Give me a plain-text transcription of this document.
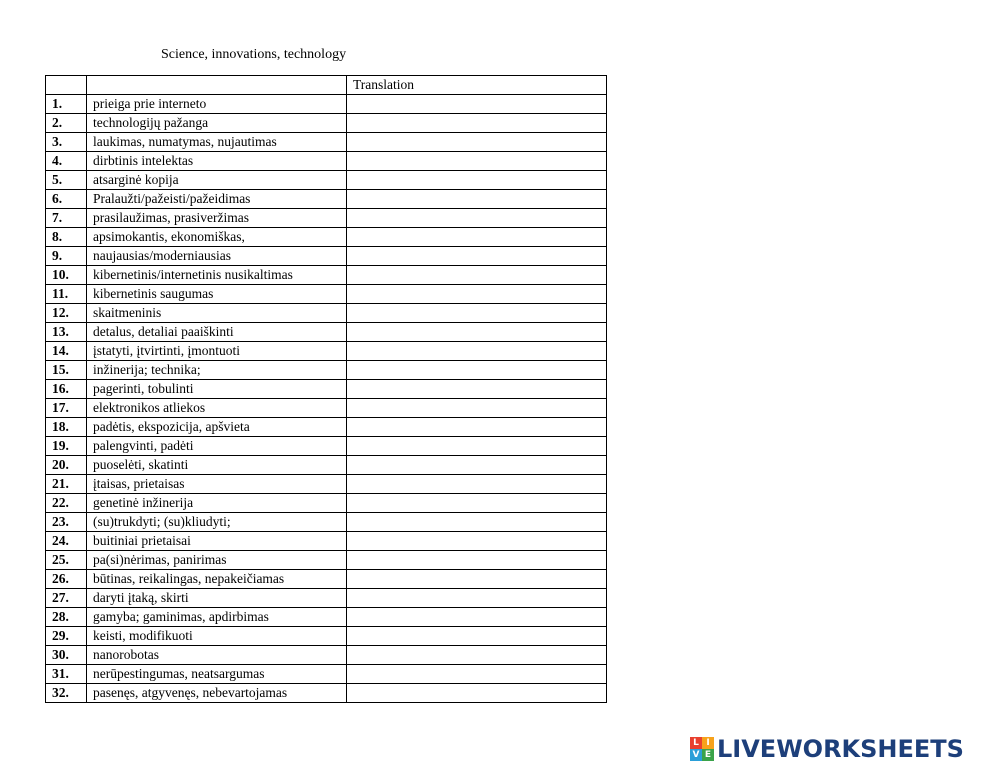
Science, innovations, technology
		Translation
1.	prieiga prie interneto	
2.	technologijų pažanga	
3.	laukimas, numatymas, nujautimas	
4.	dirbtinis intelektas	
5.	atsarginė kopija	
6.	Pralaužti/pažeisti/pažeidimas	
7.	prasilaužimas, prasiveržimas	
8.	apsimokantis, ekonomiškas,	
9.	naujausias/moderniausias	
10.	kibernetinis/internetinis nusikaltimas	
11.	kibernetinis saugumas	
12.	skaitmeninis	
13.	detalus, detaliai paaiškinti	
14.	įstatyti, įtvirtinti, įmontuoti	
15.	inžinerija; technika;	
16.	pagerinti, tobulinti	
17.	elektronikos atliekos	
18.	padėtis, ekspozicija, apšvieta	
19.	palengvinti, padėti	
20.	puoselėti, skatinti	
21.	įtaisas, prietaisas	
22.	genetinė inžinerija	
23.	(su)trukdyti; (su)kliudyti;	
24.	buitiniai prietaisai	
25.	pa(si)nėrimas, panirimas	
26.	būtinas, reikalingas, nepakeičiamas	
27.	daryti įtaką, skirti	
28.	gamyba; gaminimas, apdirbimas	
29.	keisti, modifikuoti	
30.	nanorobotas	
31.	nerūpestingumas, neatsargumas	
32.	pasenęs, atgyvenęs, nebevartojamas	
L I
V E LIVEWORKSHEETS
